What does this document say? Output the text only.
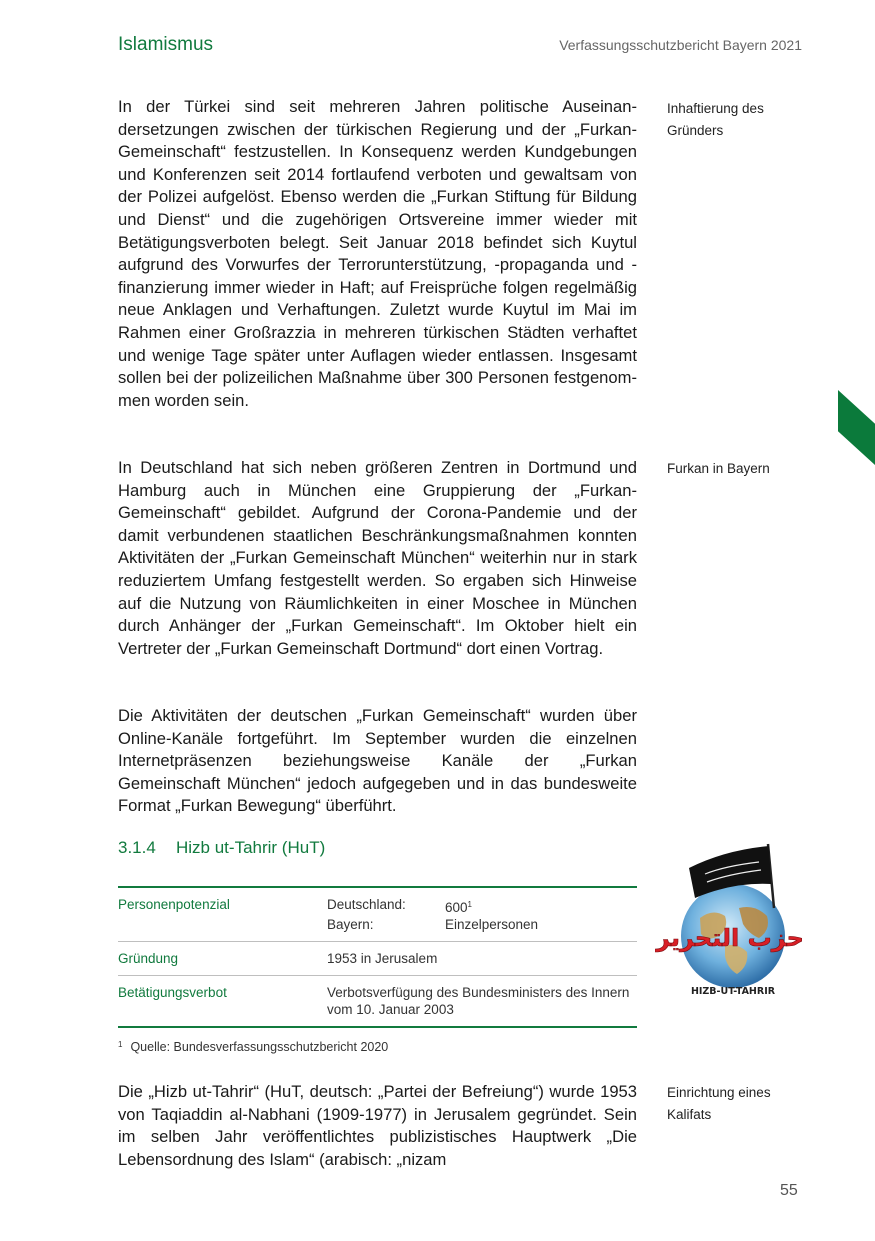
Islamismus	Verfassungsschutzbericht Bayern 2021

In der Türkei sind seit mehreren Jahren politische Auseinandersetzungen zwischen der türkischen Regierung und der „Furkan-Gemeinschaft“ festzustellen. In Konsequenz werden Kundgebungen und Konferenzen seit 2014 fortlaufend verboten und gewaltsam von der Polizei aufgelöst. Ebenso werden die „Furkan Stiftung für Bildung und Dienst“ und die zugehörigen Ortsvereine immer wieder mit Betätigungsverboten belegt. Seit Januar 2018 befindet sich Kuytul aufgrund des Vorwurfes der Terrorunterstützung, -propaganda und -finanzierung immer wieder in Haft; auf Freisprüche folgen regelmäßig neue Anklagen und Verhaftungen. Zuletzt wurde Kuytul im Mai im Rahmen einer Großrazzia in mehreren türkischen Städten verhaftet und wenige Tage später unter Auflagen wieder entlassen. Insgesamt sollen bei der polizeilichen Maßnahme über 300 Personen festgenommen worden sein.

Inhaftierung des Gründers

In Deutschland hat sich neben größeren Zentren in Dortmund und Hamburg auch in München eine Gruppierung der „Furkan-Gemeinschaft“ gebildet. Aufgrund der Corona-Pandemie und der damit verbundenen staatlichen Beschränkungsmaßnahmen konnten Aktivitäten der „Furkan Gemeinschaft München“ weiterhin nur in stark reduziertem Umfang festgestellt werden. So ergaben sich Hinweise auf die Nutzung von Räumlichkeiten in einer Moschee in München durch Anhänger der „Furkan Gemeinschaft“. Im Oktober hielt ein Vertreter der „Furkan Gemeinschaft Dortmund“ dort einen Vortrag.

Furkan in Bayern

Die Aktivitäten der deutschen „Furkan Gemeinschaft“ wurden über Online-Kanäle fortgeführt. Im September wurden die einzelnen Internetpräsenzen beziehungsweise Kanäle der „Furkan Gemeinschaft München“ jedoch aufgegeben und in das bundesweite Format „Furkan Bewegung“ überführt.

3.1.4 Hizb ut-Tahrir (HuT)
Personenpotenzial	Deutschland:	600$^1$
Bayern:	Einzelpersonen
Gründung	1953 in Jerusalem
Betätigungsverbot	Verbotsverfügung des Bundesministers des Innern vom 10. Januar 2003
حزب التحرير
HIZB-UT-TAHRIR
$^1$ Quelle: Bundesverfassungsschutzbericht 2020

Die „Hizb ut-Tahrir“ (HuT, deutsch: „Partei der Befreiung“) wurde 1953 von Taqiaddin al-Nabhani (1909-1977) in Jerusalem gegründet. Sein im selben Jahr veröffentlichtes publizistisches Hauptwerk „Die Lebensordnung des Islam“ (arabisch: „nizam

Einrichtung eines Kalifats
55
